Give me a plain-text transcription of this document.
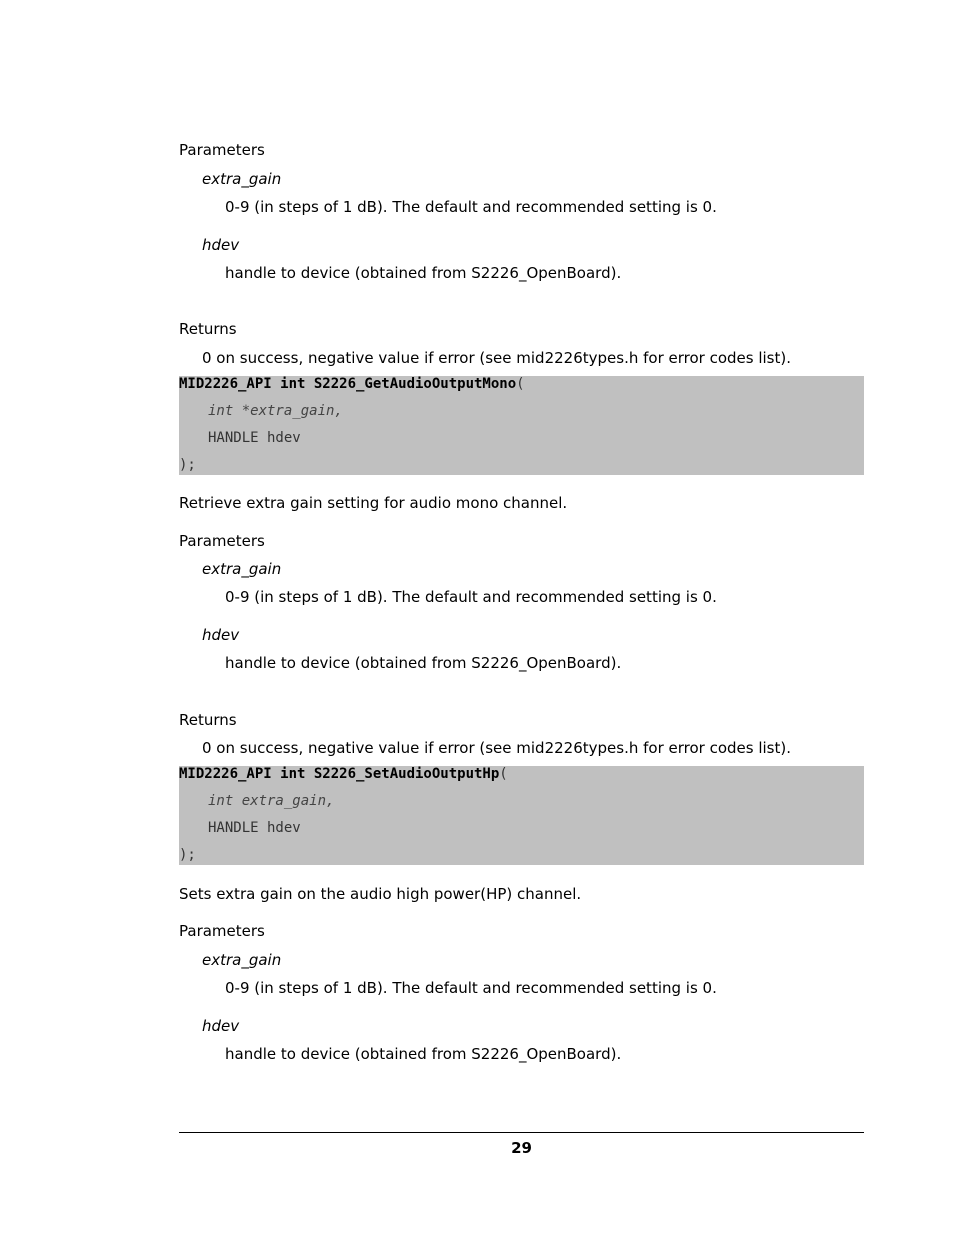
Parameters
extra_gain
0-9 (in steps of 1 dB). The default and recommended setting is 0.
hdev
handle to device (obtained from S2226_OpenBoard).
Returns
0 on success, negative value if error (see mid2226types.h for error codes list).
MID2226_API int S2226_GetAudioOutputMono(
int *extra_gain,
HANDLE hdev
);
Retrieve extra gain setting for audio mono channel.
Parameters
extra_gain
0-9 (in steps of 1 dB). The default and recommended setting is 0.
hdev
handle to device (obtained from S2226_OpenBoard).
Returns
0 on success, negative value if error (see mid2226types.h for error codes list).
MID2226_API int S2226_SetAudioOutputHp(
int extra_gain,
HANDLE hdev
);
Sets extra gain on the audio high power(HP) channel.
Parameters
extra_gain
0-9 (in steps of 1 dB). The default and recommended setting is 0.
hdev
handle to device (obtained from S2226_OpenBoard).
29
